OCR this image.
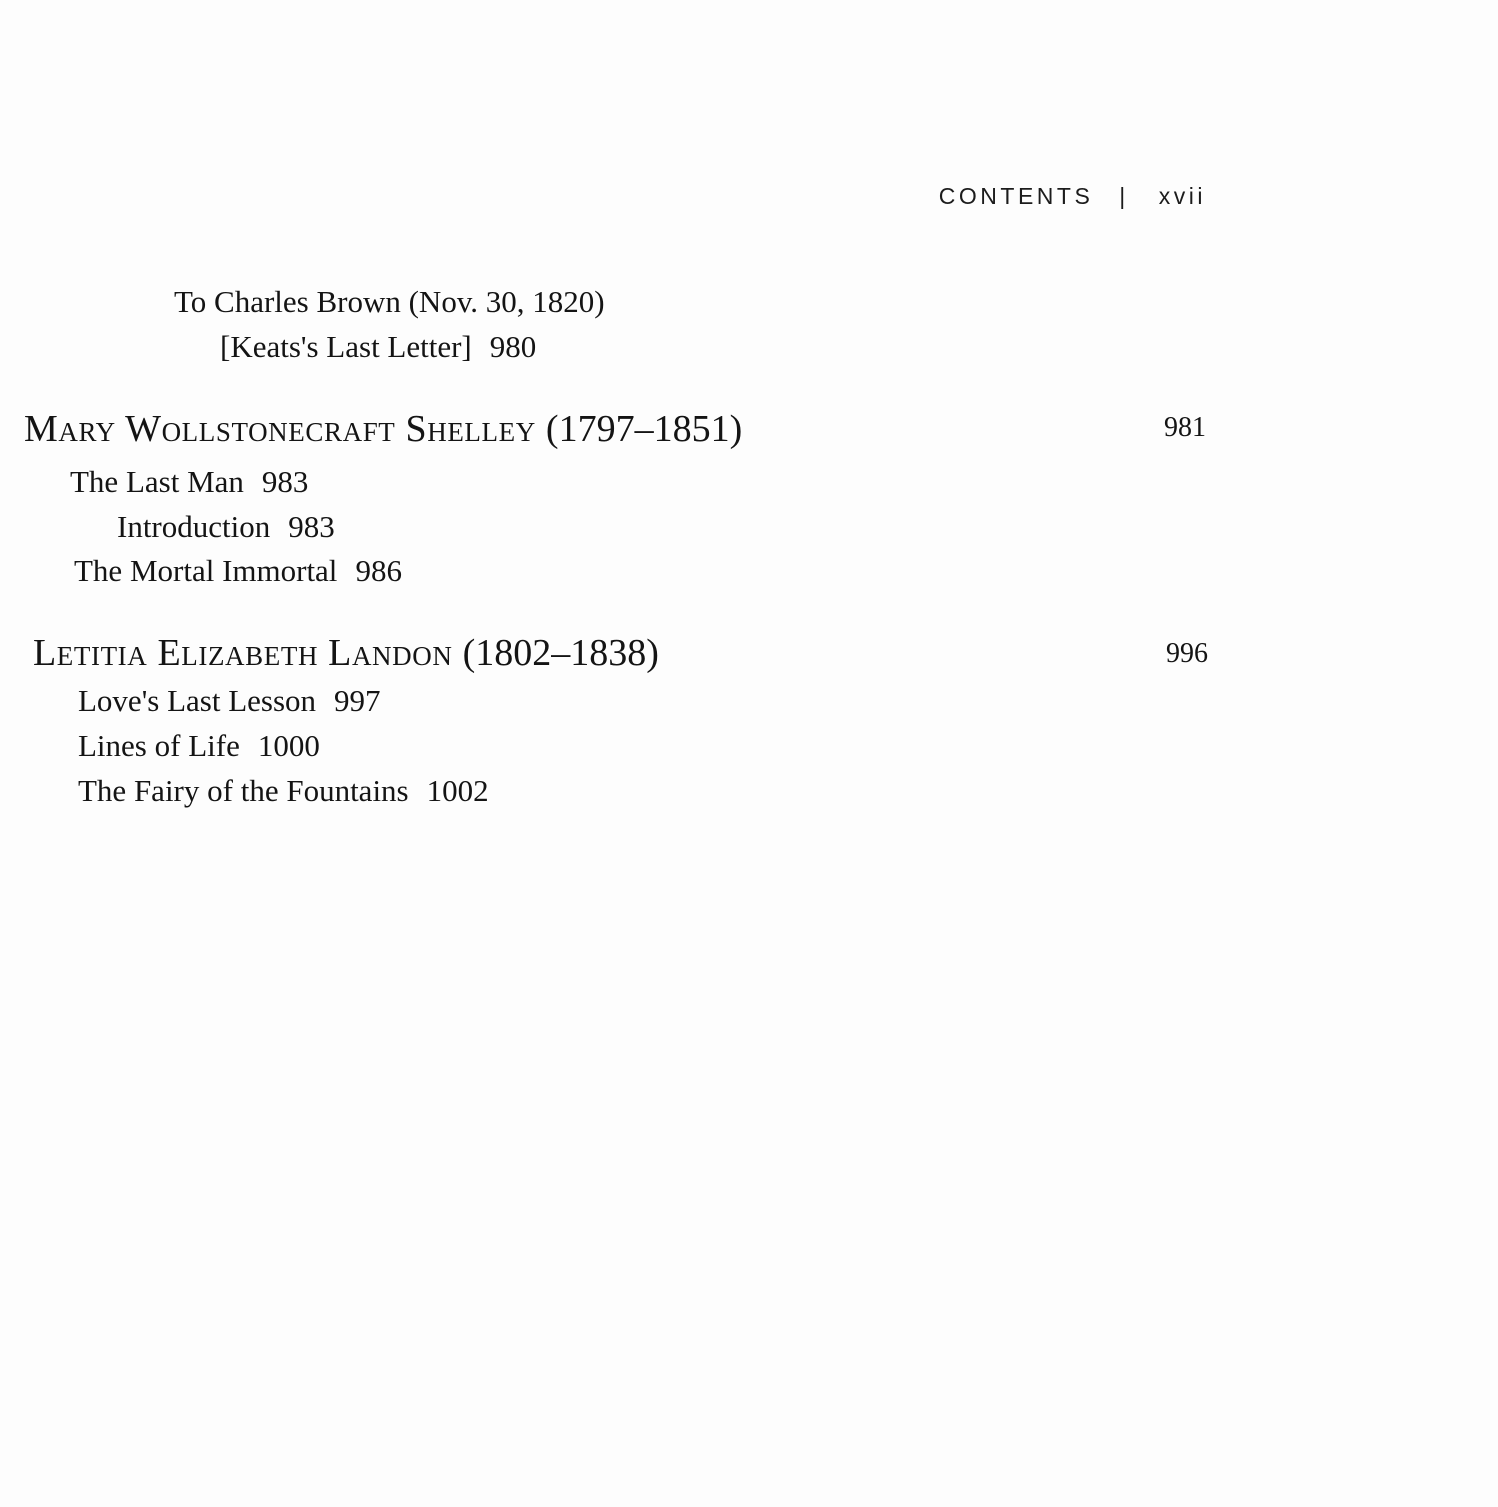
CONTENTS | xvii
To Charles Brown (Nov. 30, 1820)
[Keats's Last Letter] 980
Mary Wollstonecraft Shelley (1797–1851)	981
The Last Man 983
Introduction 983
The Mortal Immortal 986
Letitia Elizabeth Landon (1802–1838)	996
Love's Last Lesson 997
Lines of Life 1000
The Fairy of the Fountains 1002
